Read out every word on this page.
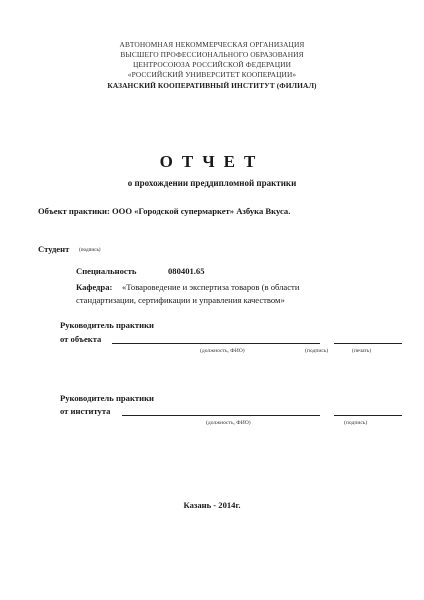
АВТОНОМНАЯ НЕКОММЕРЧЕСКАЯ ОРГАНИЗАЦИЯ
ВЫСШЕГО ПРОФЕССИОНАЛЬНОГО ОБРАЗОВАНИЯ
ЦЕНТРОСОЮЗА РОССИЙСКОЙ ФЕДЕРАЦИИ
«РОССИЙСКИЙ УНИВЕРСИТЕТ КООПЕРАЦИИ»
КАЗАНСКИЙ КООПЕРАТИВНЫЙ ИНСТИТУТ (ФИЛИАЛ)
ОТЧЕТ
о прохождении преддипломной практики
Объект практики: ООО «Городской супермаркет» Азбука Вкуса.
Студент (подпись)
Специальность	080401.65
Кафедра: «Товароведение и экспертиза товаров (в области
стандартизации, сертификации и управления качеством»
Руководитель практики
от объекта
(должность, ФИО)	(подпись)	(печать)
Руководитель практики
от института
(должность, ФИО)	(подпись)
Казань - 2014г.
